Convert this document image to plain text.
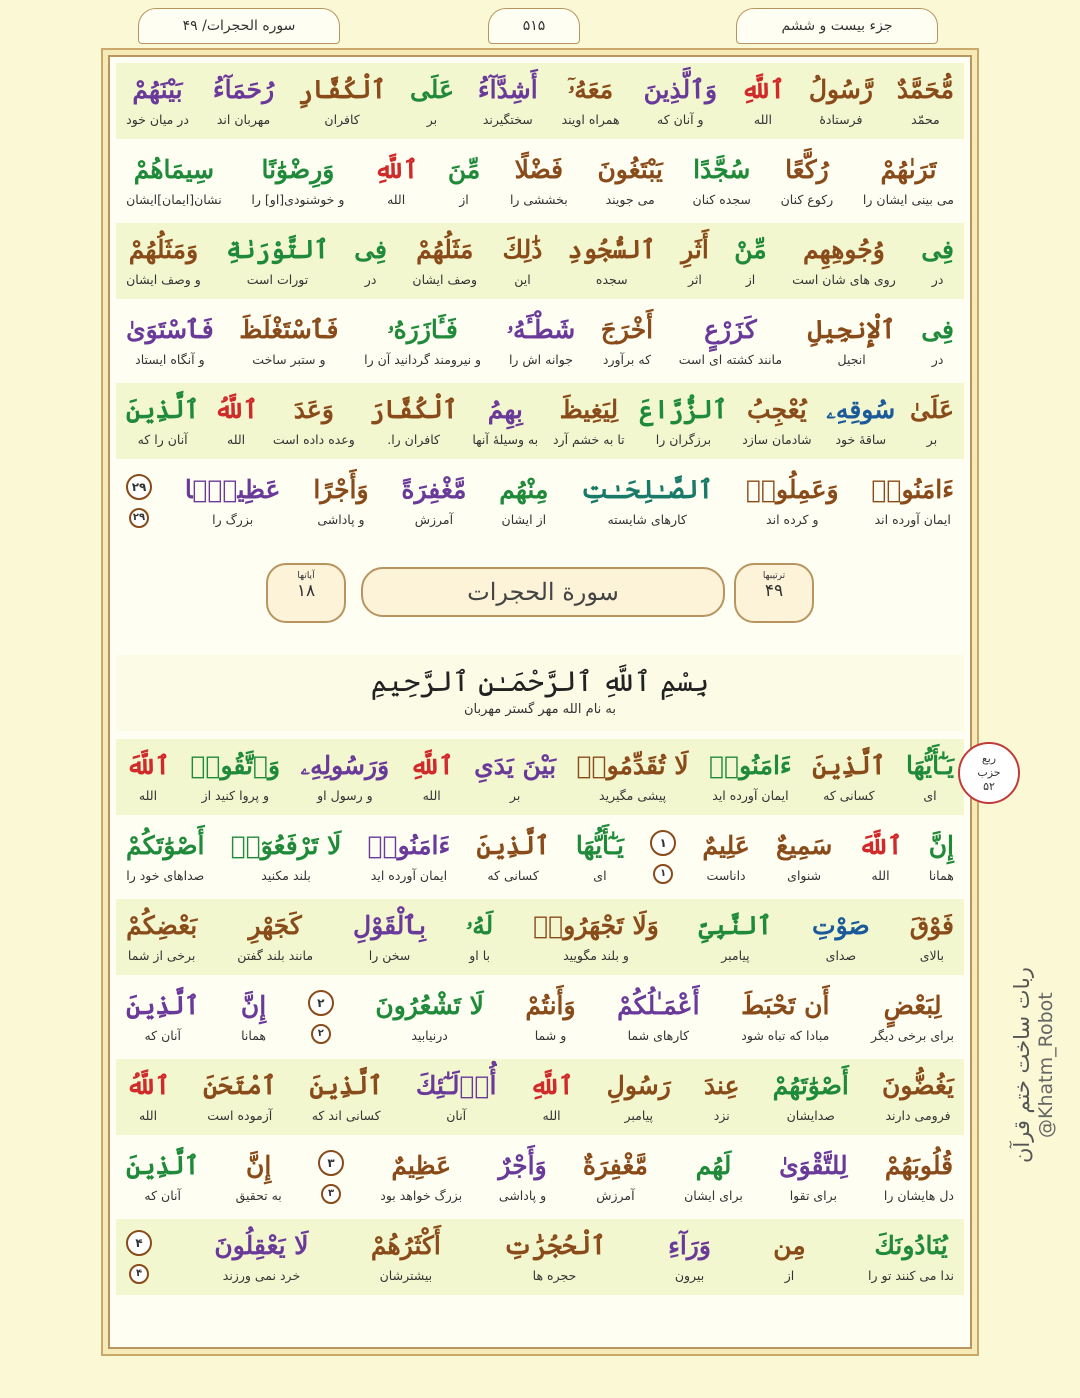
جزء بیست و ششم
۵۱۵
سوره الحجرات/ ۴۹
مُّحَمَّدٌ
محمّد
رَّسُولُ
فرستادهٔ
ٱللَّهِ
الله
وَٱلَّذِينَ
و آنان که
مَعَهُۥٓ
همراه اویند
أَشِدَّآءُ
سختگیرند
عَلَى
بر
ٱلْكُفَّارِ
کافران
رُحَمَآءُ
مهربان اند
بَيْنَهُمْ
در میان خود
تَرَىٰهُمْ
می بینی ایشان را
رُكَّعًا
رکوع کنان
سُجَّدًا
سجده کنان
يَبْتَغُونَ
می جویند
فَضْلًا
بخششی را
مِّنَ
از
ٱللَّهِ
الله
وَرِضْوَٰنًا
و خوشنودی[او] را
سِيمَاهُمْ
نشان[ایمان]ایشان
فِى
در
وُجُوهِهِم
روی های شان است
مِّنْ
از
أَثَرِ
اثر
ٱلسُّجُودِ
سجده
ذَٰلِكَ
این
مَثَلُهُمْ
وصف ایشان
فِى
در
ٱلتَّوْرَىٰةِ
تورات است
وَمَثَلُهُمْ
و وصف ایشان
فِى
در
ٱلْإِنجِيلِ
انجیل
كَزَرْعٍ
مانند کشته ای است
أَخْرَجَ
که برآورد
شَطْـَٔهُۥ
جوانه اش را
فَـَٔازَرَهُۥ
و نیرومند گردانید آن را
فَٱسْتَغْلَظَ
و ستبر ساخت
فَٱسْتَوَىٰ
و آنگاه ایستاد
عَلَىٰ
بر
سُوقِهِۦ
ساقهٔ خود
يُعْجِبُ
شادمان سازد
ٱلزُّرَّاعَ
برزگران را
لِيَغِيظَ
تا به خشم آرد
بِهِمُ
به وسیلهٔ آنها
ٱلْكُفَّارَ
کافران را.
وَعَدَ
وعده داده است
ٱللَّهُ
الله
ٱلَّذِينَ
آنان را که
ءَامَنُوا۟
ایمان آورده اند
وَعَمِلُوا۟
و کرده اند
ٱلصَّـٰلِحَـٰتِ
کارهای شایسته
مِنْهُم
از ایشان
مَّغْفِرَةً
آمرزش
وَأَجْرًا
و پاداشی
عَظِيمًۢا
بزرگ را
۲۹
۲۹
ترتیبها
۴۹
سورة الحجرات
آیاتها
۱۸
بِسْمِ ٱللَّهِ ٱلرَّحْمَـٰنِ ٱلرَّحِيمِ
به نام الله مهر گستر مهربان
يَـٰٓأَيُّهَا
ای
ٱلَّذِينَ
کسانی که
ءَامَنُوا۟
ایمان آورده اید
لَا تُقَدِّمُوا۟
پیشی مگیرید
بَيْنَ يَدَىِ
بر
ٱللَّهِ
الله
وَرَسُولِهِۦ
و رسول او
وَٱتَّقُوا۟
و پروا کنید از
ٱللَّهَ
الله
إِنَّ
همانا
ٱللَّهَ
الله
سَمِيعٌ
شنوای
عَلِيمٌ
داناست
۱
۱
يَـٰٓأَيُّهَا
ای
ٱلَّذِينَ
کسانی که
ءَامَنُوا۟
ایمان آورده اید
لَا تَرْفَعُوٓا۟
بلند مکنید
أَصْوَٰتَكُمْ
صداهای خود را
فَوْقَ
بالای
صَوْتِ
صدای
ٱلنَّبِىِّ
پیامبر
وَلَا تَجْهَرُوا۟
و بلند مگویید
لَهُۥ
با او
بِٱلْقَوْلِ
سخن را
كَجَهْرِ
مانند بلند گفتن
بَعْضِكُمْ
برخی از شما
لِبَعْضٍ
برای برخی دیگر
أَن تَحْبَطَ
مبادا که تباه شود
أَعْمَـٰلُكُمْ
کارهای شما
وَأَنتُمْ
و شما
لَا تَشْعُرُونَ
درنیابید
۲
۲
إِنَّ
همانا
ٱلَّذِينَ
آنان که
يَغُضُّونَ
فرومی دارند
أَصْوَٰتَهُمْ
صدایشان
عِندَ
نزد
رَسُولِ
پیامبر
ٱللَّهِ
الله
أُو۟لَـٰٓئِكَ
آنان
ٱلَّذِينَ
کسانی اند که
ٱمْتَحَنَ
آزموده است
ٱللَّهُ
الله
قُلُوبَهُمْ
دل هایشان را
لِلتَّقْوَىٰ
برای تقوا
لَهُم
برای ایشان
مَّغْفِرَةٌ
آمرزش
وَأَجْرٌ
و پاداشی
عَظِيمٌ
بزرگ خواهد بود
۳
۳
إِنَّ
به تحقیق
ٱلَّذِينَ
آنان که
يُنَادُونَكَ
ندا می کنند تو را
مِن
از
وَرَآءِ
بیرون
ٱلْحُجُرَٰتِ
حجره ها
أَكْثَرُهُمْ
بیشترشان
لَا يَعْقِلُونَ
خرد نمی ورزند
۴
۴
ربع
حزب
۵۲
ربات ساخت ختم قرآن
@Khatm_Robot
